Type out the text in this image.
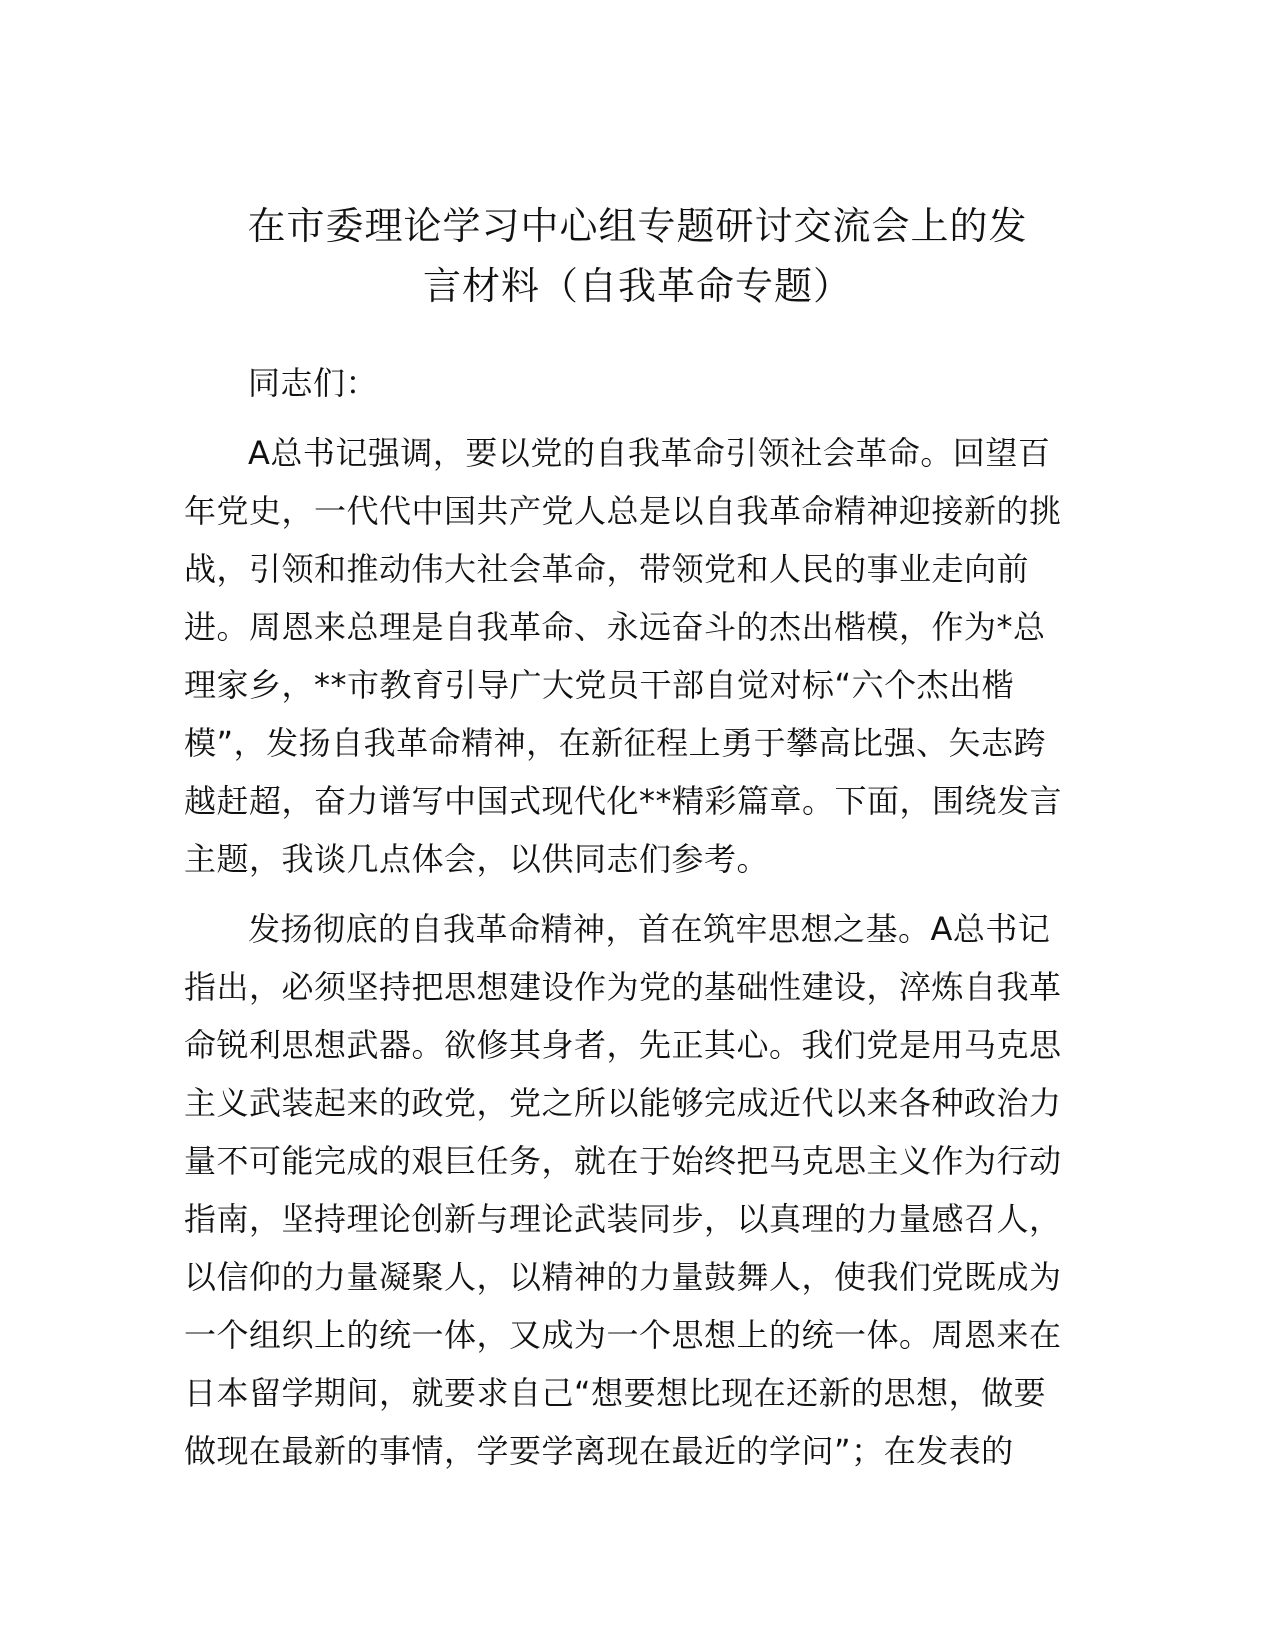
在市委理论学习中心组专题研讨交流会上的发
言材料（自我革命专题）

同志们：

A总书记强调，要以党的自我革命引领社会革命。回望百
年党史，一代代中国共产党人总是以自我革命精神迎接新的挑
战，引领和推动伟大社会革命，带领党和人民的事业走向前
进。周恩来总理是自我革命、永远奋斗的杰出楷模，作为*总
理家乡，**市教育引导广大党员干部自觉对标“六个杰出楷
模”，发扬自我革命精神，在新征程上勇于攀高比强、矢志跨
越赶超，奋力谱写中国式现代化**精彩篇章。下面，围绕发言
主题，我谈几点体会，以供同志们参考。

发扬彻底的自我革命精神，首在筑牢思想之基。A总书记
指出，必须坚持把思想建设作为党的基础性建设，淬炼自我革
命锐利思想武器。欲修其身者，先正其心。我们党是用马克思
主义武装起来的政党，党之所以能够完成近代以来各种政治力
量不可能完成的艰巨任务，就在于始终把马克思主义作为行动
指南，坚持理论创新与理论武装同步，以真理的力量感召人，
以信仰的力量凝聚人，以精神的力量鼓舞人，使我们党既成为
一个组织上的统一体，又成为一个思想上的统一体。周恩来在
日本留学期间，就要求自己“想要想比现在还新的思想，做要
做现在最新的事情，学要学离现在最近的学问”；在发表的
